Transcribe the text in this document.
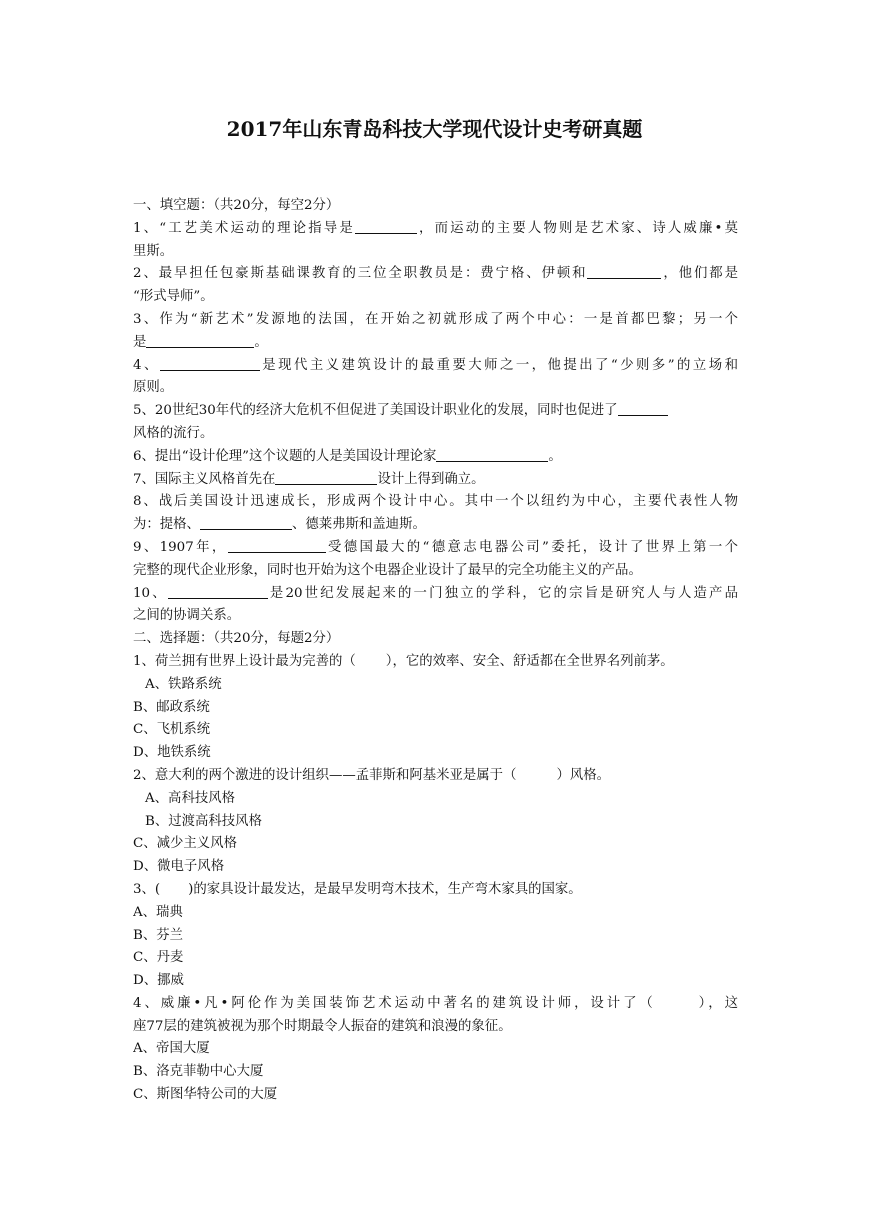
2017年山东青岛科技大学现代设计史考研真题
一、填空题：（共20分，每空2分）
1、“工艺美术运动的理论指导是	，而运动的主要人物则是艺术家、诗人威廉•莫
里斯。
2、最早担任包豪斯基础课教育的三位全职教员是：费宁格、伊顿和	，他们都是
“形式导师”。
3、作为“新艺术”发源地的法国，在开始之初就形成了两个中心：一是首都巴黎；另一个
是	。
4、	是现代主义建筑设计的最重要大师之一，他提出了“少则多”的立场和
原则。
5、20世纪30年代的经济大危机不但促进了美国设计职业化的发展，同时也促进了
风格的流行。
6、提出“设计伦理”这个议题的人是美国设计理论家	。
7、国际主义风格首先在	设计上得到确立。
8、战后美国设计迅速成长，形成两个设计中心。其中一个以纽约为中心，主要代表性人物
为：提格、	、德莱弗斯和盖迪斯。
9、1907年，	受德国最大的“德意志电器公司”委托，设计了世界上第一个
完整的现代企业形象，同时也开始为这个电器企业设计了最早的完全功能主义的产品。
10、	是20世纪发展起来的一门独立的学科，它的宗旨是研究人与人造产品
之间的协调关系。
二、选择题：（共20分，每题2分）
1、荷兰拥有世界上设计最为完善的（ ），它的效率、安全、舒适都在全世界名列前茅。
A、铁路系统
B、邮政系统
C、飞机系统
D、地铁系统
2、意大利的两个激进的设计组织——孟菲斯和阿基米亚是属于（	）风格。
A、高科技风格
B、过渡高科技风格
C、减少主义风格
D、微电子风格
3、( )的家具设计最发达，是最早发明弯木技术，生产弯木家具的国家。
A、瑞典
B、芬兰
C、丹麦
D、挪威
4、威廉•凡•阿伦作为美国装饰艺术运动中著名的建筑设计师，设计了（	），这
座77层的建筑被视为那个时期最令人振奋的建筑和浪漫的象征。
A、帝国大厦
B、洛克菲勒中心大厦
C、斯图华特公司的大厦
